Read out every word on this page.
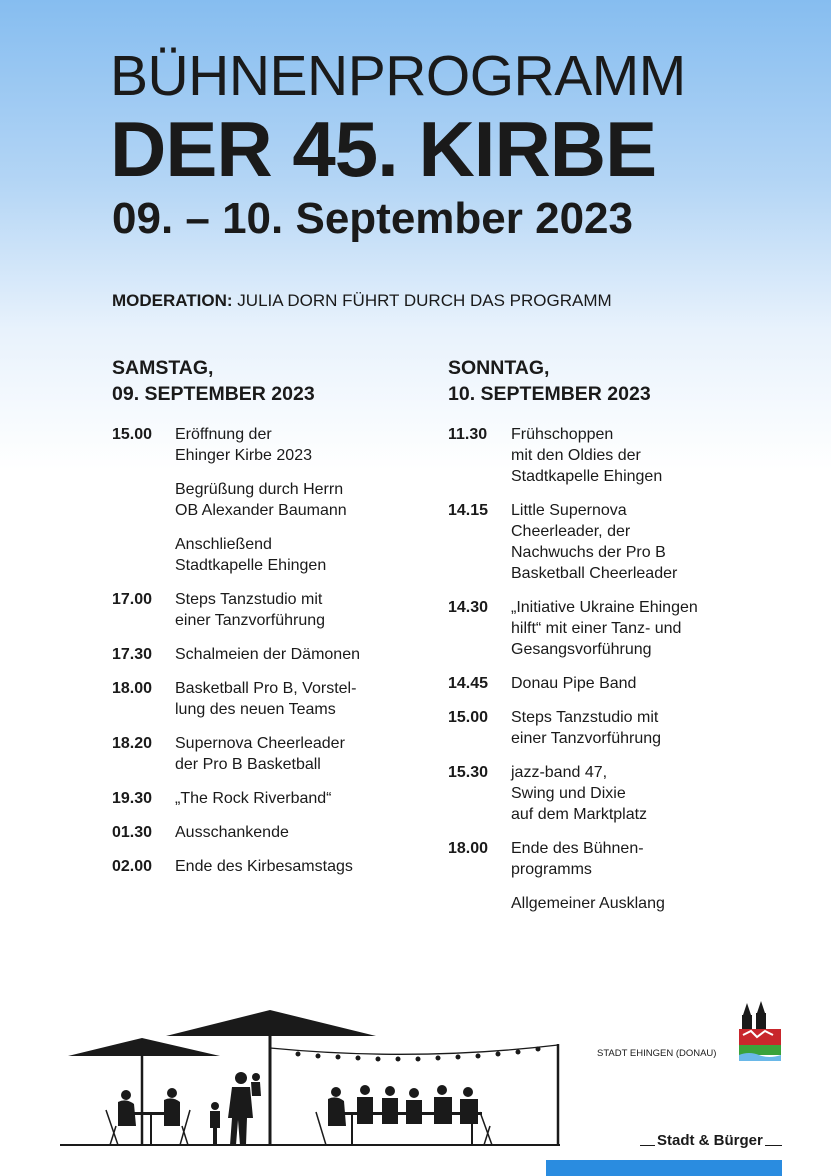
BÜHNENPROGRAMM
DER 45. KIRBE
09. – 10. September 2023
MODERATION: JULIA DORN FÜHRT DURCH DAS PROGRAMM
SAMSTAG,
09. SEPTEMBER 2023
15.00	Eröffnung der
Ehinger Kirbe 2023
Begrüßung durch Herrn
OB Alexander Baumann
Anschließend
Stadtkapelle Ehingen
17.00	Steps Tanzstudio mit
einer Tanzvorführung
17.30	Schalmeien der Dämonen
18.00	Basketball Pro B, Vorstel-
lung des neuen Teams
18.20	Supernova Cheerleader
der Pro B Basketball
19.30	„The Rock Riverband“
01.30	Ausschankende
02.00	Ende des Kirbesamstags
SONNTAG,
10. SEPTEMBER 2023
11.30	Frühschoppen
mit den Oldies der
Stadtkapelle Ehingen
14.15	Little Supernova
Cheerleader, der
Nachwuchs der Pro B
Basketball Cheerleader
14.30	„Initiative Ukraine Ehingen
hilft“ mit einer Tanz- und
Gesangsvorführung
14.45	Donau Pipe Band
15.00	Steps Tanzstudio mit
einer Tanzvorführung
15.30	jazz-band 47,
Swing und Dixie
auf dem Marktplatz
18.00	Ende des Bühnen-
programms
Allgemeiner Ausklang
STADT EHINGEN (DONAU)
Stadt & Bürger
